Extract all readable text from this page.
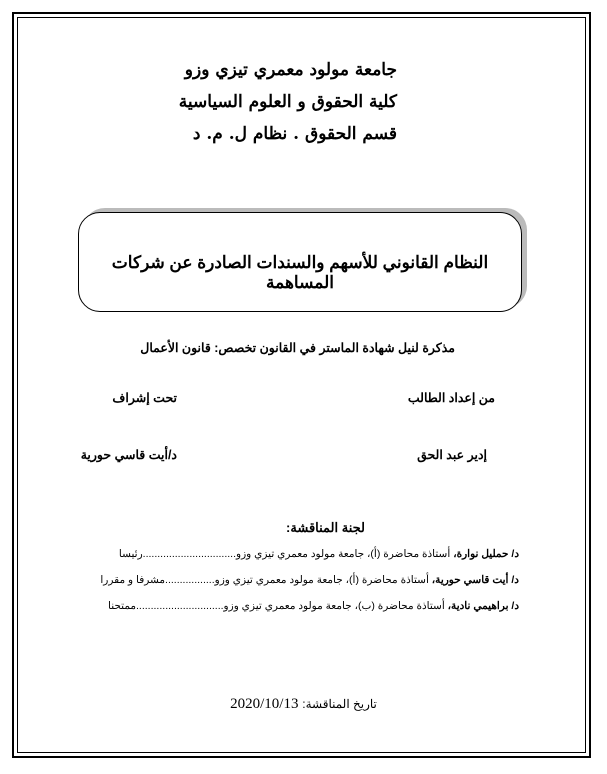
جامعة مولود معمري تيزي وزو
كلية الحقوق و العلوم السياسية
قسم الحقوق . نظام ل. م. د
النظام القانوني للأسهم والسندات الصادرة عن شركات المساهمة
مذكرة لنيل شهادة الماستر في القانون تخصص: قانون الأعمال
من إعداد الطالب
تحت إشراف
إدير عبد الحق
د/أيت قاسي حورية
لجنة المناقشة:
د/ حمليل نوارة، أستاذة محاضرة (أ)، جامعة مولود معمري تيزي وزو................................رئيسا
د/ أيت قاسي حورية، أستاذة محاضرة (أ)، جامعة مولود معمري تيزي وزو.................مشرفا و مقررا
د/ براهيمي نادية، أستاذة محاضرة (ب)، جامعة مولود معمري تيزي وزو..............................ممتحنا
تاريخ المناقشة: 2020/10/13
